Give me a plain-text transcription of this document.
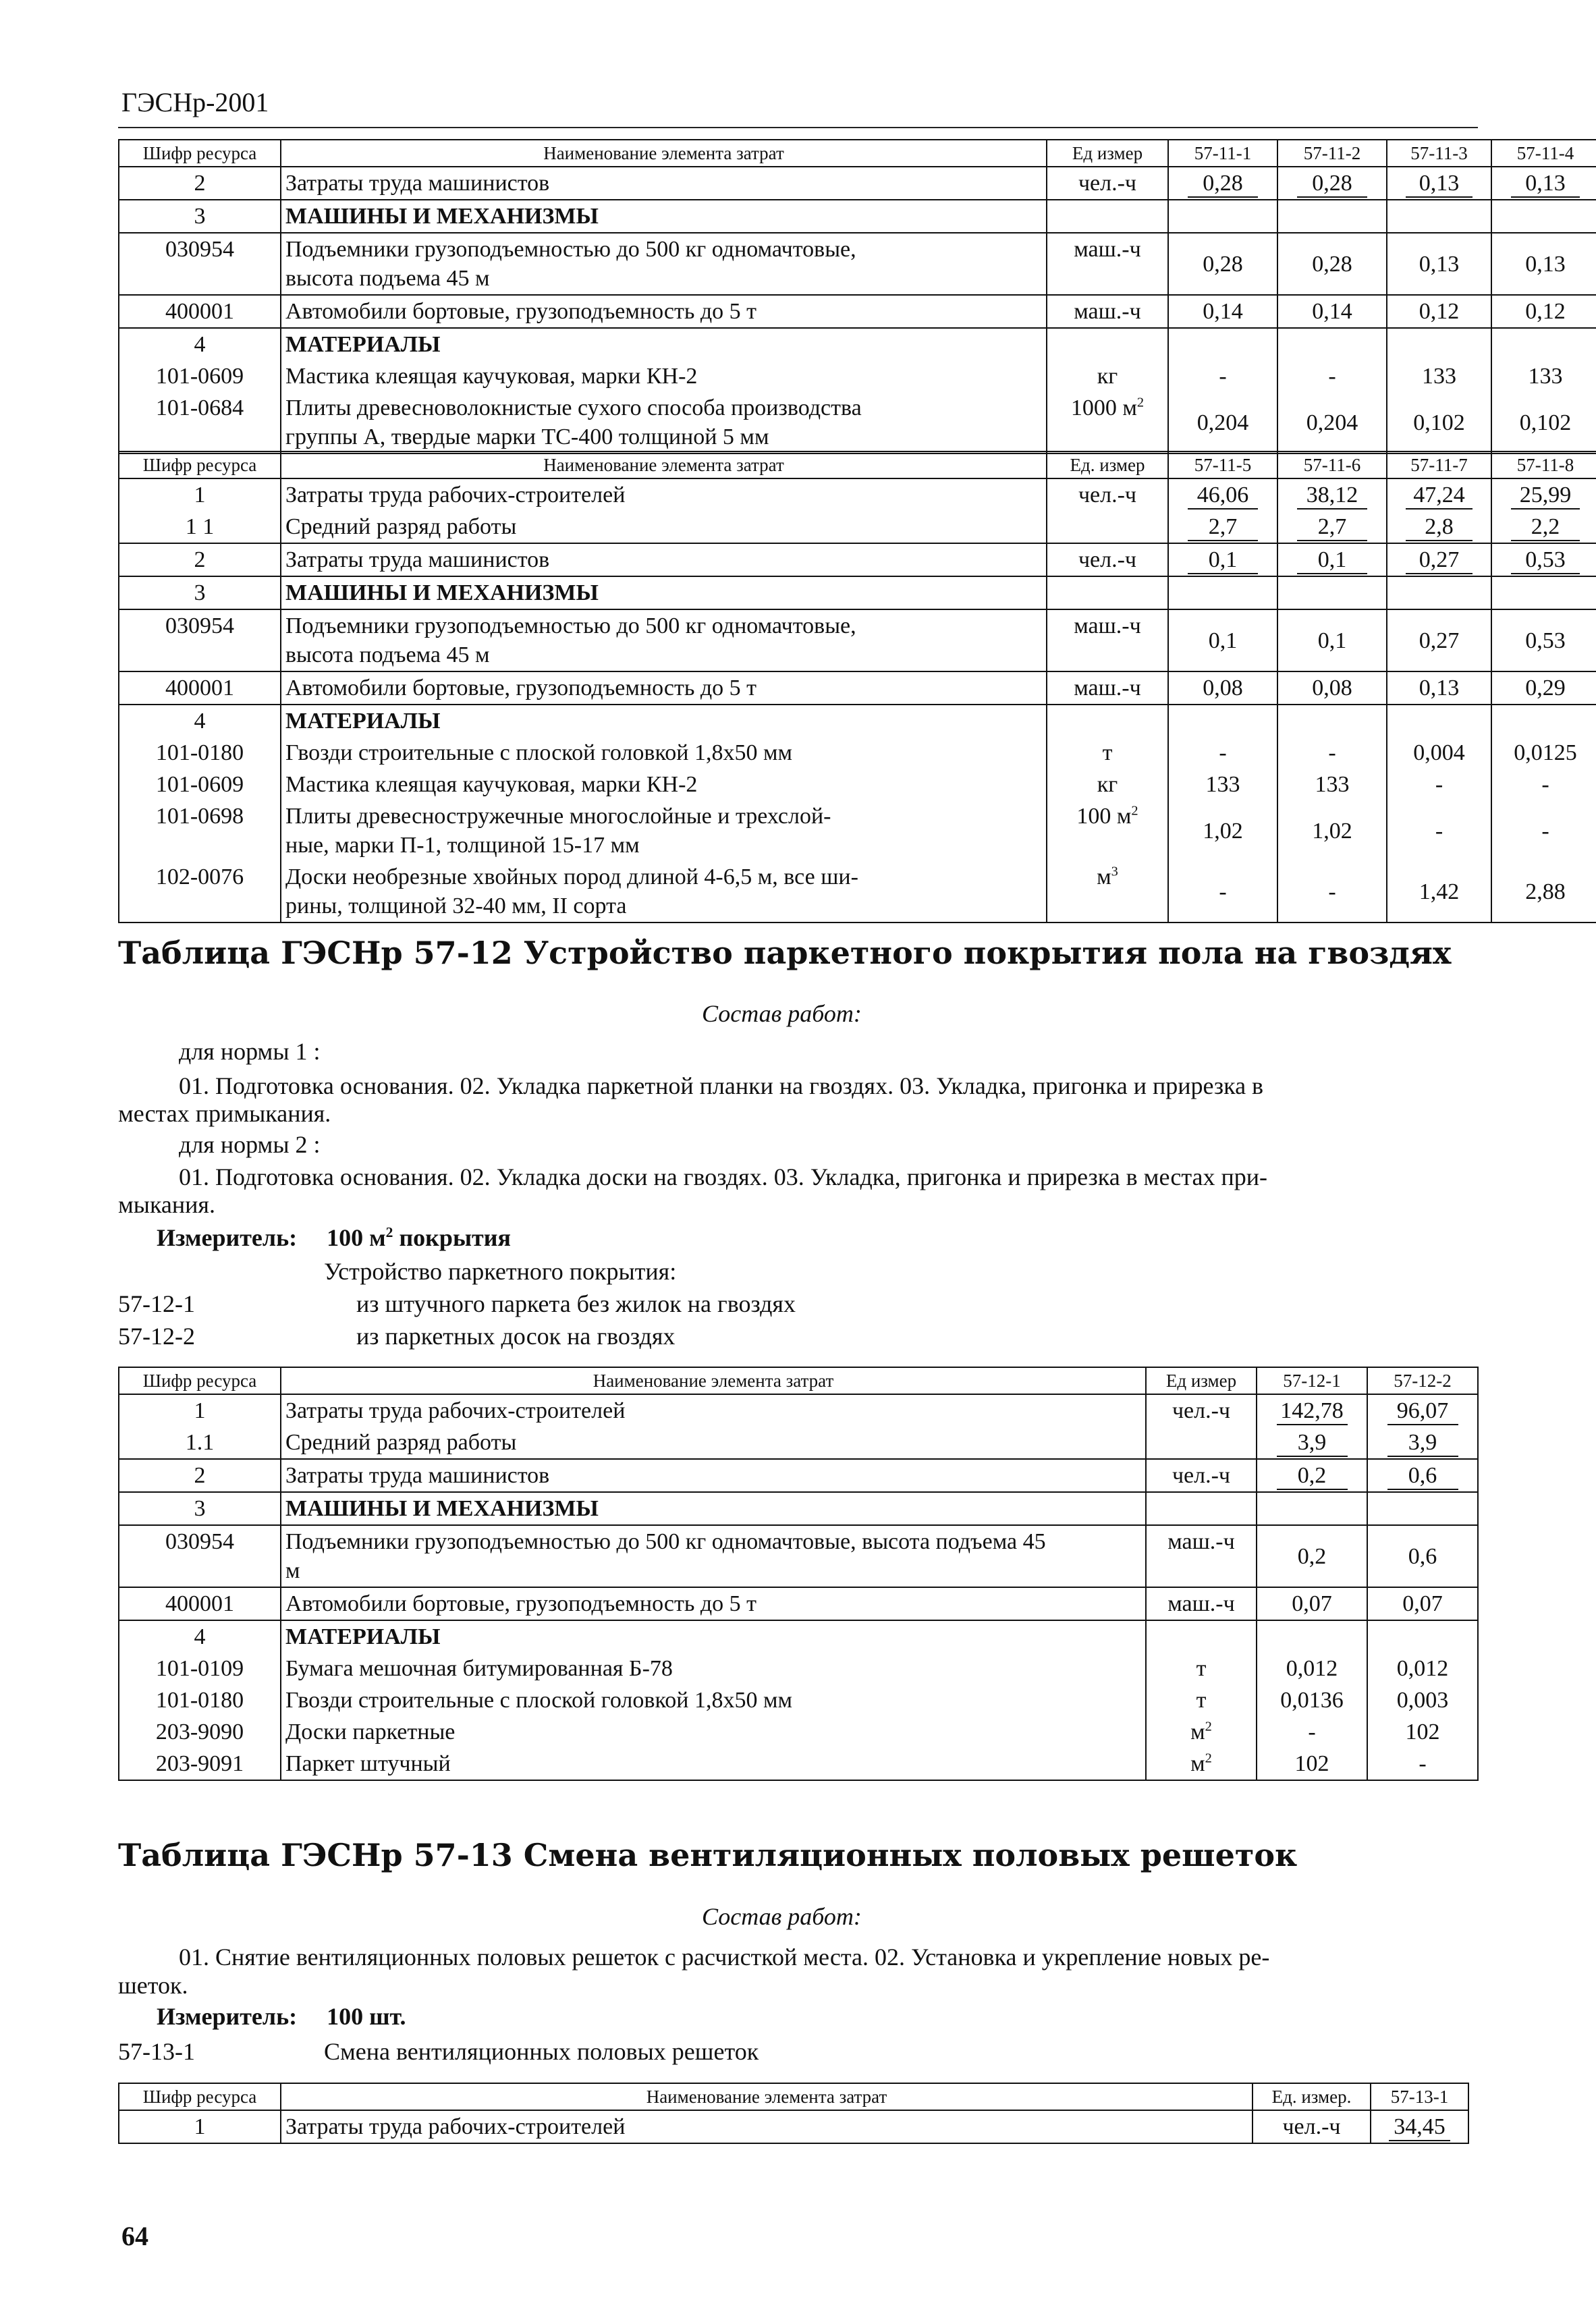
ГЭСНр-2001
Шифр ресурса	Наименование элемента затрат	Ед измер	57-11-1	57-11-2	57-11-3	57-11-4
2	Затраты труда машинистов	чел.-ч	0,28	0,28	0,13	0,13
3	МАШИНЫ И МЕХАНИЗМЫ					

030954	Подъемники грузоподъемностью до 500 кг одномачтовые,
высота подъема 45 м	маш.-ч	0,28	0,28	0,13	0,13
400001	Автомобили бортовые, грузоподъемность до 5 т	маш.-ч	0,14	0,14	0,12	0,12
4	МАТЕРИАЛЫ					

101-0609	Мастика клеящая каучуковая, марки КН-2	кг	-	-	133	133
101-0684	Плиты древесноволокнистые сухого способа производства
группы А, твердые марки ТС-400 толщиной 5 мм	1000 $м^2$	0,204	0,204	0,102	0,102
Шифр ресурса	Наименование элемента затрат	Ед. измер	57-11-5	57-11-6	57-11-7	57-11-8
1	Затраты труда рабочих-строителей	чел.-ч	46,06	38,12	47,24	25,99
1 1	Средний разряд работы		2,7	2,7	2,8	2,2
2	Затраты труда машинистов	чел.-ч	0,1	0,1	0,27	0,53
3	МАШИНЫ И МЕХАНИЗМЫ					

030954	Подъемники грузоподъемностью до 500 кг одномачтовые,
высота подъема 45 м	маш.-ч	0,1	0,1	0,27	0,53
400001	Автомобили бортовые, грузоподъемность до 5 т	маш.-ч	0,08	0,08	0,13	0,29
4	МАТЕРИАЛЫ					

101-0180	Гвозди строительные с плоской головкой 1,8x50 мм	т	-	-	0,004	0,0125
101-0609	Мастика клеящая каучуковая, марки КН-2	кг	133	133	-	-
101-0698	Плиты древесностружечные многослойные и трехслой-
ные, марки П-1, толщиной 15-17 мм	100 $м^2$	1,02	1,02	-	-
102-0076	Доски необрезные хвойных пород длиной 4-6,5 м, все ши-
рины, толщиной 32-40 мм, II сорта	$м^3$	-	-	1,42	2,88
Таблица ГЭСНр 57-12 Устройство паркетного покрытия пола на гвоздях
Состав работ:
для нормы 1 :
01. Подготовка основания. 02. Укладка паркетной планки на гвоздях. 03. Укладка, пригонка и прирезка в
местах примыкания.
для нормы 2 :
01. Подготовка основания. 02. Укладка доски на гвоздях. 03. Укладка, пригонка и прирезка в местах при-
мыкания.
Измеритель: 100 $м^2$ покрытия
Устройство паркетного покрытия:
57-12-1	из штучного паркета без жилок на гвоздях
57-12-2	из паркетных досок на гвоздях
Шифр ресурса	Наименование элемента затрат	Ед измер	57-12-1	57-12-2
1	Затраты труда рабочих-строителей	чел.-ч	142,78	96,07
1.1	Средний разряд работы		3,9	3,9
2	Затраты труда машинистов	чел.-ч	0,2	0,6
3	МАШИНЫ И МЕХАНИЗМЫ			

030954	Подъемники грузоподъемностью до 500 кг одномачтовые, высота подъема 45
м	маш.-ч	0,2	0,6
400001	Автомобили бортовые, грузоподъемность до 5 т	маш.-ч	0,07	0,07
4	МАТЕРИАЛЫ			

101-0109	Бумага мешочная битумированная Б-78	т	0,012	0,012
101-0180	Гвозди строительные с плоской головкой 1,8x50 мм	т	0,0136	0,003
203-9090	Доски паркетные	$м^2$	-	102
203-9091	Паркет штучный	$м^2$	102	-
Таблица ГЭСНр 57-13 Смена вентиляционных половых решеток
Состав работ:
01. Снятие вентиляционных половых решеток с расчисткой места. 02. Установка и укрепление новых ре-
шеток.
Измеритель: 100 шт.
57-13-1	Смена вентиляционных половых решеток
Шифр ресурса	Наименование элемента затрат	Ед. измер.	57-13-1
1	Затраты труда рабочих-строителей	чел.-ч	34,45
64
